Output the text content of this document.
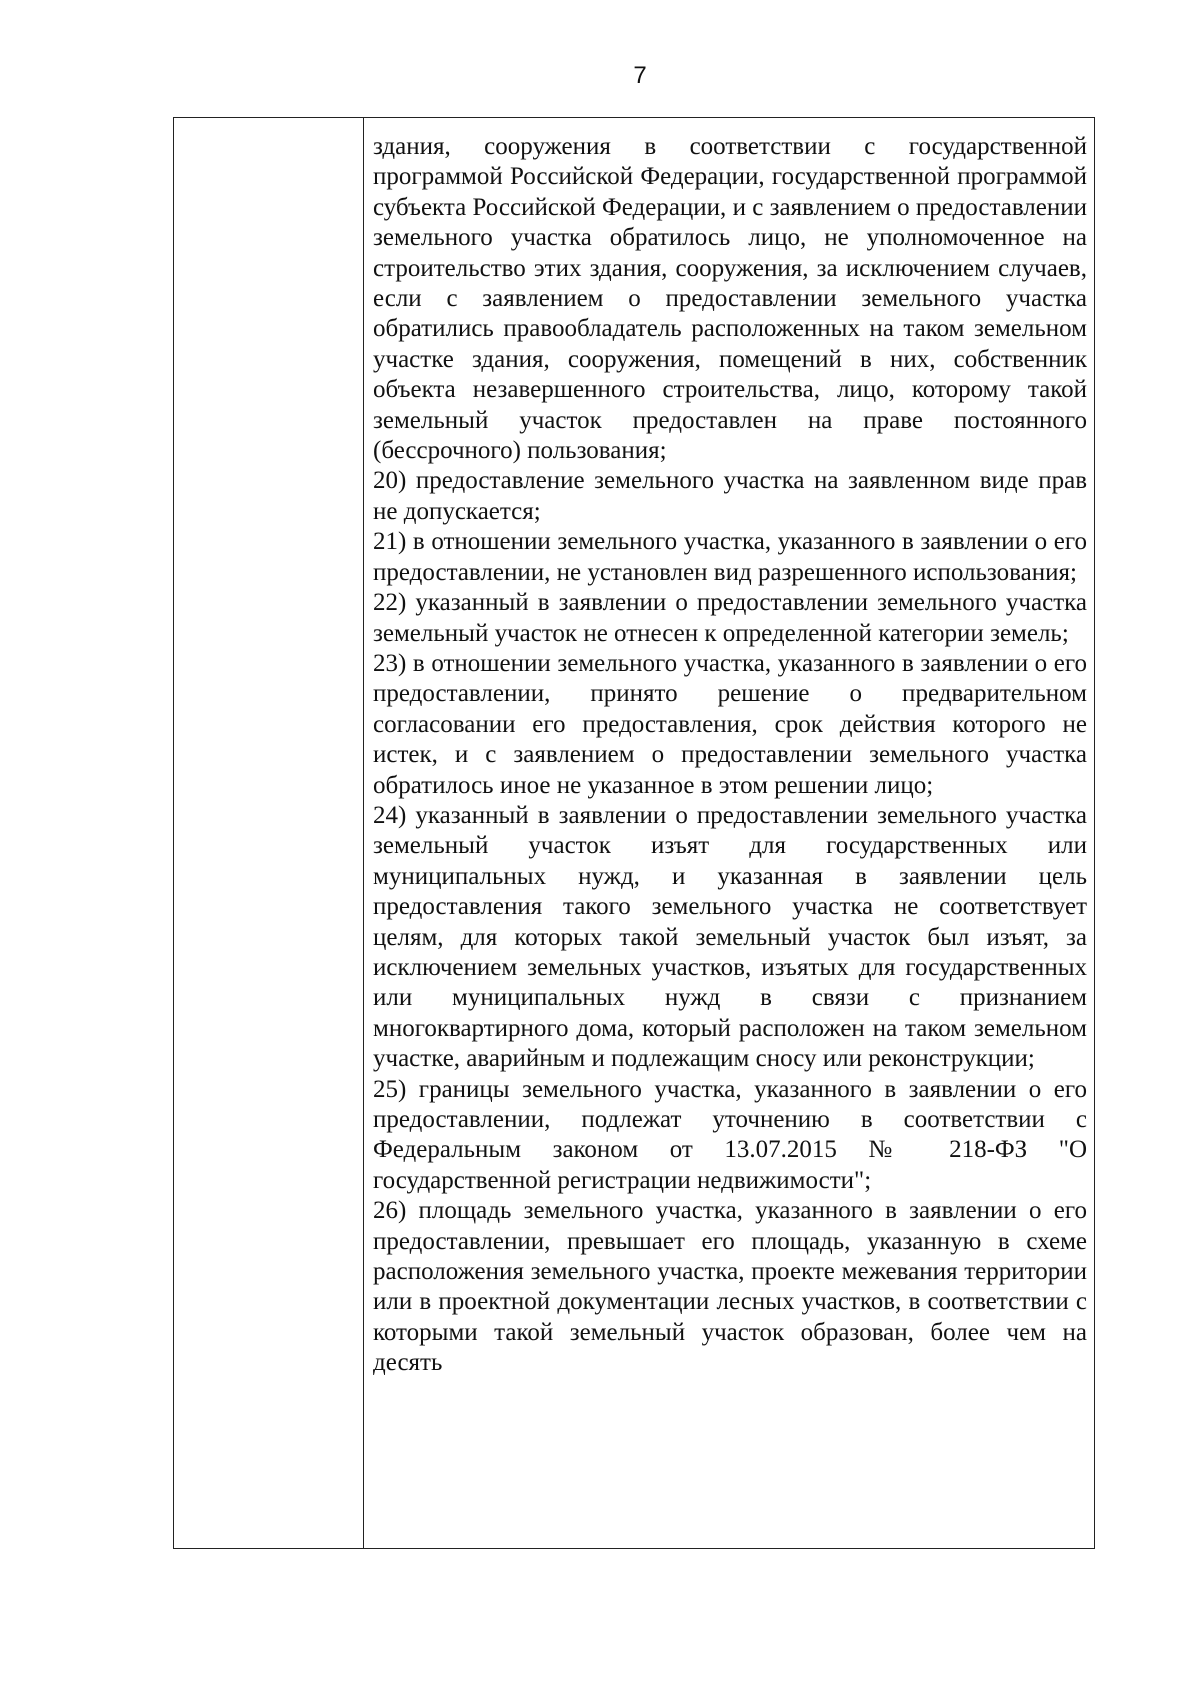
7

здания, сооружения в соответствии с государственной программой Российской Федерации, государственной программой субъекта Российской Федерации, и с заявлением о предоставлении земельного участка обратилось лицо, не уполномоченное на строительство этих здания, сооружения, за исключением случаев, если с заявлением о предоставлении земельного участка обратились правообладатель расположенных на таком земельном участке здания, сооружения, помещений в них, собственник объекта незавершенного строительства, лицо, которому такой земельный участок предоставлен на праве постоянного (бессрочного) пользования;

20) предоставление земельного участка на заявленном виде прав не допускается;

21) в отношении земельного участка, указанного в заявлении о его предоставлении, не установлен вид разрешенного использования;

22) указанный в заявлении о предоставлении земельного участка земельный участок не отнесен к определенной категории земель;

23) в отношении земельного участка, указанного в заявлении о его предоставлении, принято решение о предварительном согласовании его предоставления, срок действия которого не истек, и с заявлением о предоставлении земельного участка обратилось иное не указанное в этом решении лицо;

24) указанный в заявлении о предоставлении земельного участка земельный участок изъят для государственных или муниципальных нужд, и указанная в заявлении цель предоставления такого земельного участка не соответствует целям, для которых такой земельный участок был изъят, за исключением земельных участков, изъятых для государственных или муниципальных нужд в связи с признанием многоквартирного дома, который расположен на таком земельном участке, аварийным и подлежащим сносу или реконструкции;

25) границы земельного участка, указанного в заявлении о его предоставлении, подлежат уточнению в соответствии с Федеральным законом от 13.07.2015 № 218-ФЗ "О государственной регистрации недвижимости";

26) площадь земельного участка, указанного в заявлении о его предоставлении, превышает его площадь, указанную в схеме расположения земельного участка, проекте межевания территории или в проектной документации лесных участков, в соответствии с которыми такой земельный участок образован, более чем на десять
